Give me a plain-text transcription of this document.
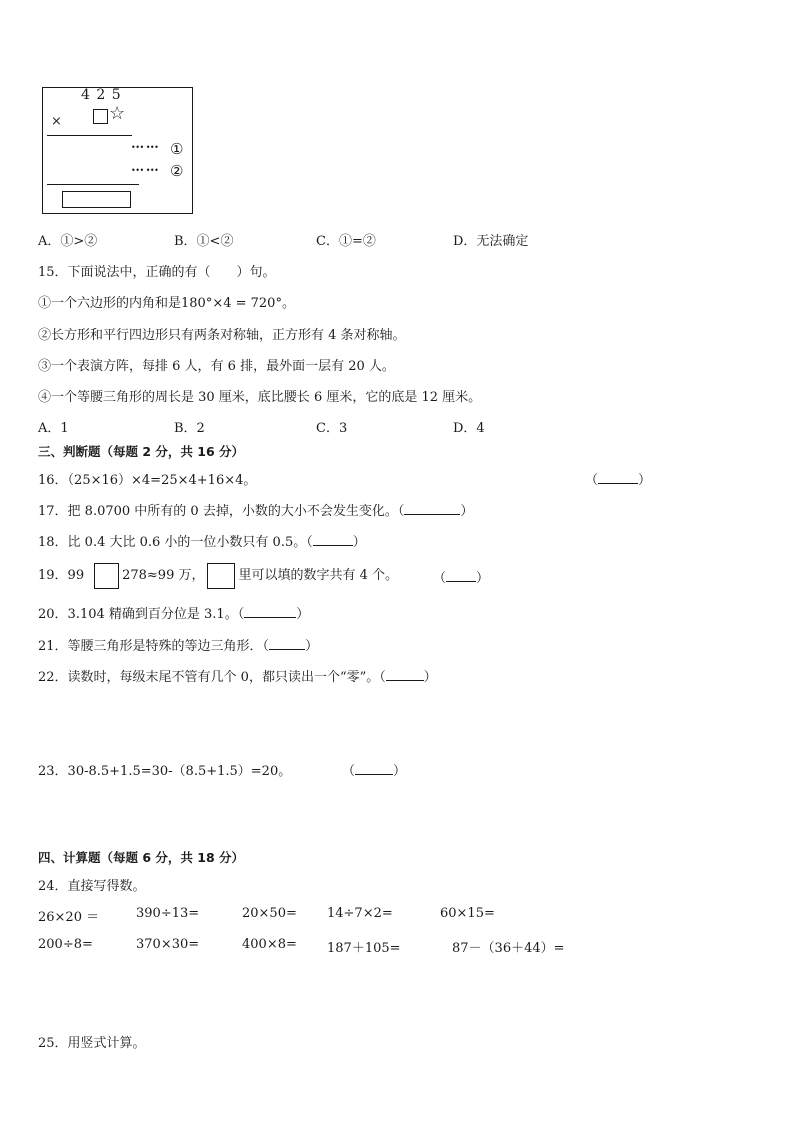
4 2 5
×	☆
••• ••• ①
••• ••• ②
A．①>②	B．①<②	C．①=②	D．无法确定
15．下面说法中，正确的有（　　）句。
①一个六边形的内角和是180°×4 = 720°。
②长方形和平行四边形只有两条对称轴，正方形有 4 条对称轴。
③一个表演方阵，每排 6 人，有 6 排，最外面一层有 20 人。
④一个等腰三角形的周长是 30 厘米，底比腰长 6 厘米，它的底是 12 厘米。
A．1	B．2	C．3	D．4
三、判断题（每题 2 分，共 16 分）
16．（25×16）×4=25×4+16×4。	（	）
17．把 8.0700 中所有的 0 去掉，小数的大小不会发生变化。（	）
18．比 0.4 大比 0.6 小的一位小数只有 0.5。（	）
19．99	278≈99 万，	里可以填的数字共有 4 个。	（ ）
20．3.104 精确到百分位是 3.1。（	）
21．等腰三角形是特殊的等边三角形．（	）
22．读数时，每级末尾不管有几个 0，都只读出一个“零”。（	）
23．30-8.5+1.5=30-（8.5+1.5）=20。	（	）
四、计算题（每题 6 分，共 18 分）
24．直接写得数。
26×20 ＝	390÷13=	20×50= 14÷7×2=	60×15=
200÷8=	370×30=	400×8= 187＋105=	87－（36＋44）=
25．用竖式计算。
